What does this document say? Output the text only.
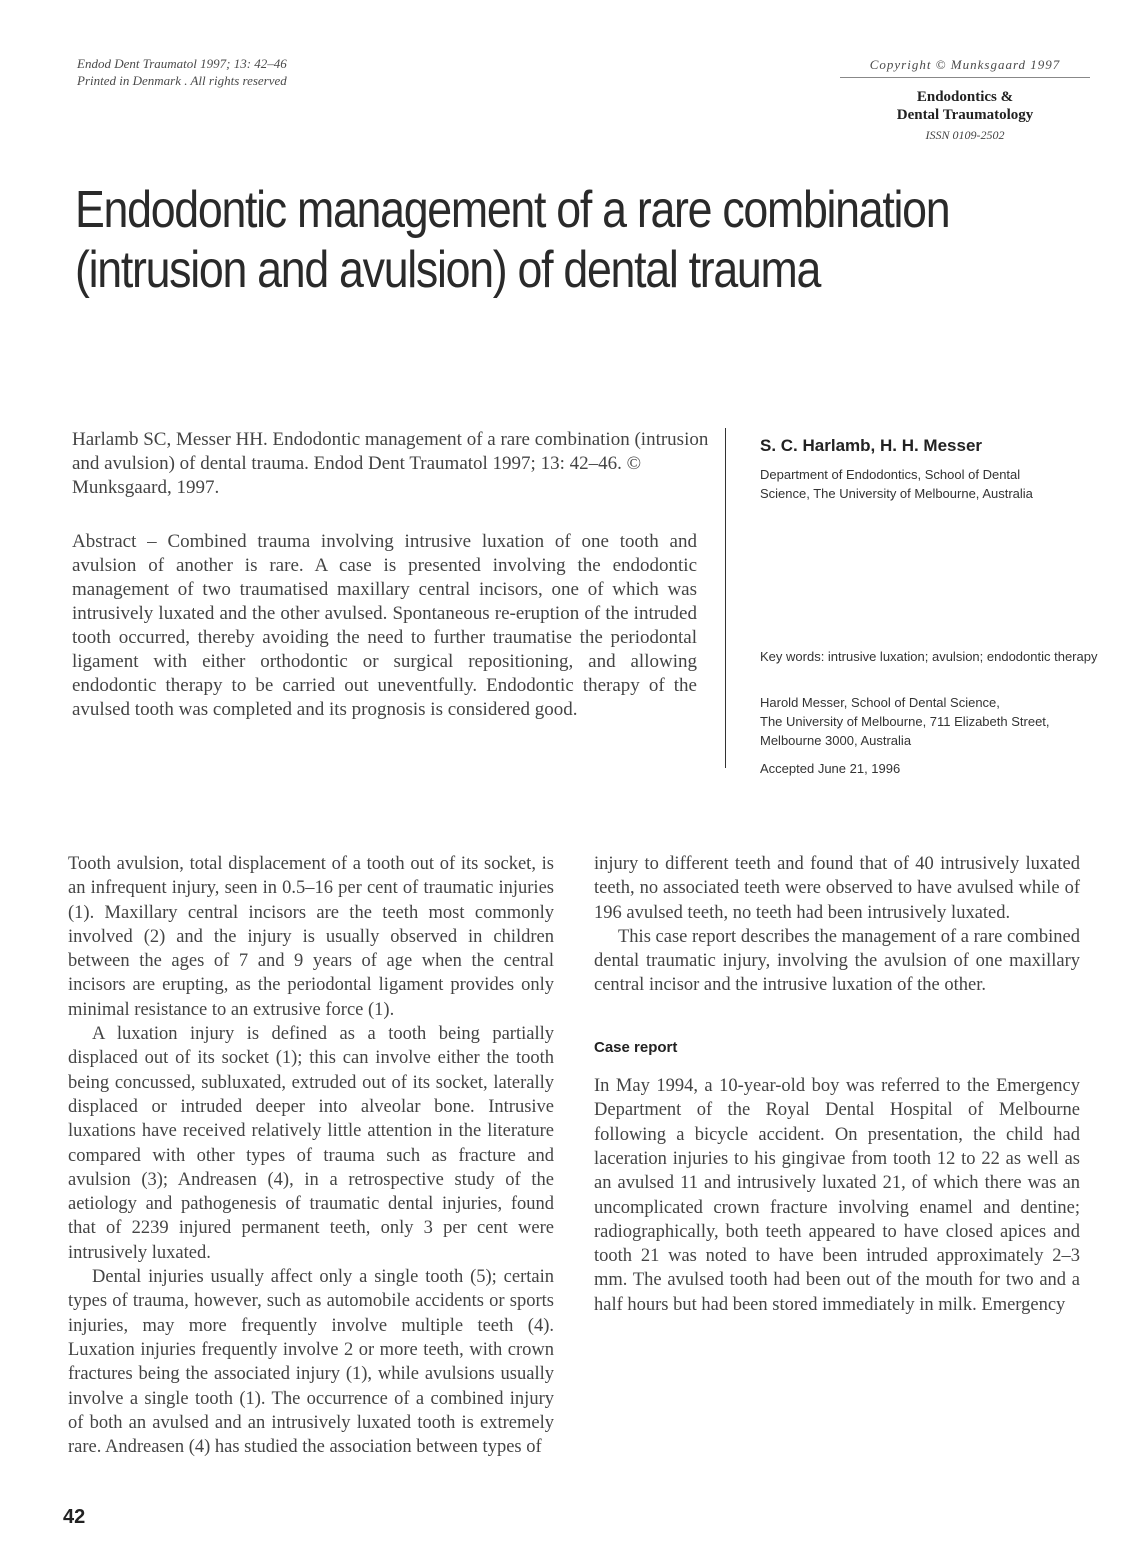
Endod Dent Traumatol 1997; 13: 42–46
Printed in Denmark . All rights reserved
Copyright © Munksgaard 1997
Endodontics &
Dental Traumatology
ISSN 0109-2502
Endodontic management of a rare combination (intrusion and avulsion) of dental trauma
Harlamb SC, Messer HH. Endodontic management of a rare combination (intrusion and avulsion) of dental trauma. Endod Dent Traumatol 1997; 13: 42–46. © Munksgaard, 1997.
Abstract – Combined trauma involving intrusive luxation of one tooth and avulsion of another is rare. A case is presented involving the endodontic management of two traumatised maxillary central incisors, one of which was intrusively luxated and the other avulsed. Spontaneous re-eruption of the intruded tooth occurred, thereby avoiding the need to further traumatise the periodontal ligament with either orthodontic or surgical repositioning, and allowing endodontic therapy to be carried out uneventfully. Endodontic therapy of the avulsed tooth was completed and its prognosis is considered good.
S. C. Harlamb, H. H. Messer
Department of Endodontics, School of Dental
Science, The University of Melbourne, Australia
Key words: intrusive luxation; avulsion; endodontic therapy
Harold Messer, School of Dental Science,
The University of Melbourne, 711 Elizabeth Street,
Melbourne 3000, Australia
Accepted June 21, 1996

Tooth avulsion, total displacement of a tooth out of its socket, is an infrequent injury, seen in 0.5–16 per cent of traumatic injuries (1). Maxillary central incisors are the teeth most commonly involved (2) and the injury is usually observed in children between the ages of 7 and 9 years of age when the central incisors are erupting, as the periodontal ligament provides only minimal resistance to an extrusive force (1).

A luxation injury is defined as a tooth being partially displaced out of its socket (1); this can involve either the tooth being concussed, subluxated, extruded out of its socket, laterally displaced or intruded deeper into alveolar bone. Intrusive luxations have received relatively little attention in the literature compared with other types of trauma such as fracture and avulsion (3); Andreasen (4), in a retrospective study of the aetiology and pathogenesis of traumatic dental injuries, found that of 2239 injured permanent teeth, only 3 per cent were intrusively luxated.

Dental injuries usually affect only a single tooth (5); certain types of trauma, however, such as automobile accidents or sports injuries, may more frequently involve multiple teeth (4). Luxation injuries frequently involve 2 or more teeth, with crown fractures being the associated injury (1), while avulsions usually involve a single tooth (1). The occurrence of a combined injury of both an avulsed and an intrusively luxated tooth is extremely rare. Andreasen (4) has studied the association between types of

injury to different teeth and found that of 40 intrusively luxated teeth, no associated teeth were observed to have avulsed while of 196 avulsed teeth, no teeth had been intrusively luxated.

This case report describes the management of a rare combined dental traumatic injury, involving the avulsion of one maxillary central incisor and the intrusive luxation of the other.

Case report

In May 1994, a 10-year-old boy was referred to the Emergency Department of the Royal Dental Hospital of Melbourne following a bicycle accident. On presentation, the child had laceration injuries to his gingivae from tooth 12 to 22 as well as an avulsed 11 and intrusively luxated 21, of which there was an uncomplicated crown fracture involving enamel and dentine; radiographically, both teeth appeared to have closed apices and tooth 21 was noted to have been intruded approximately 2–3 mm. The avulsed tooth had been out of the mouth for two and a half hours but had been stored immediately in milk. Emergency

42
